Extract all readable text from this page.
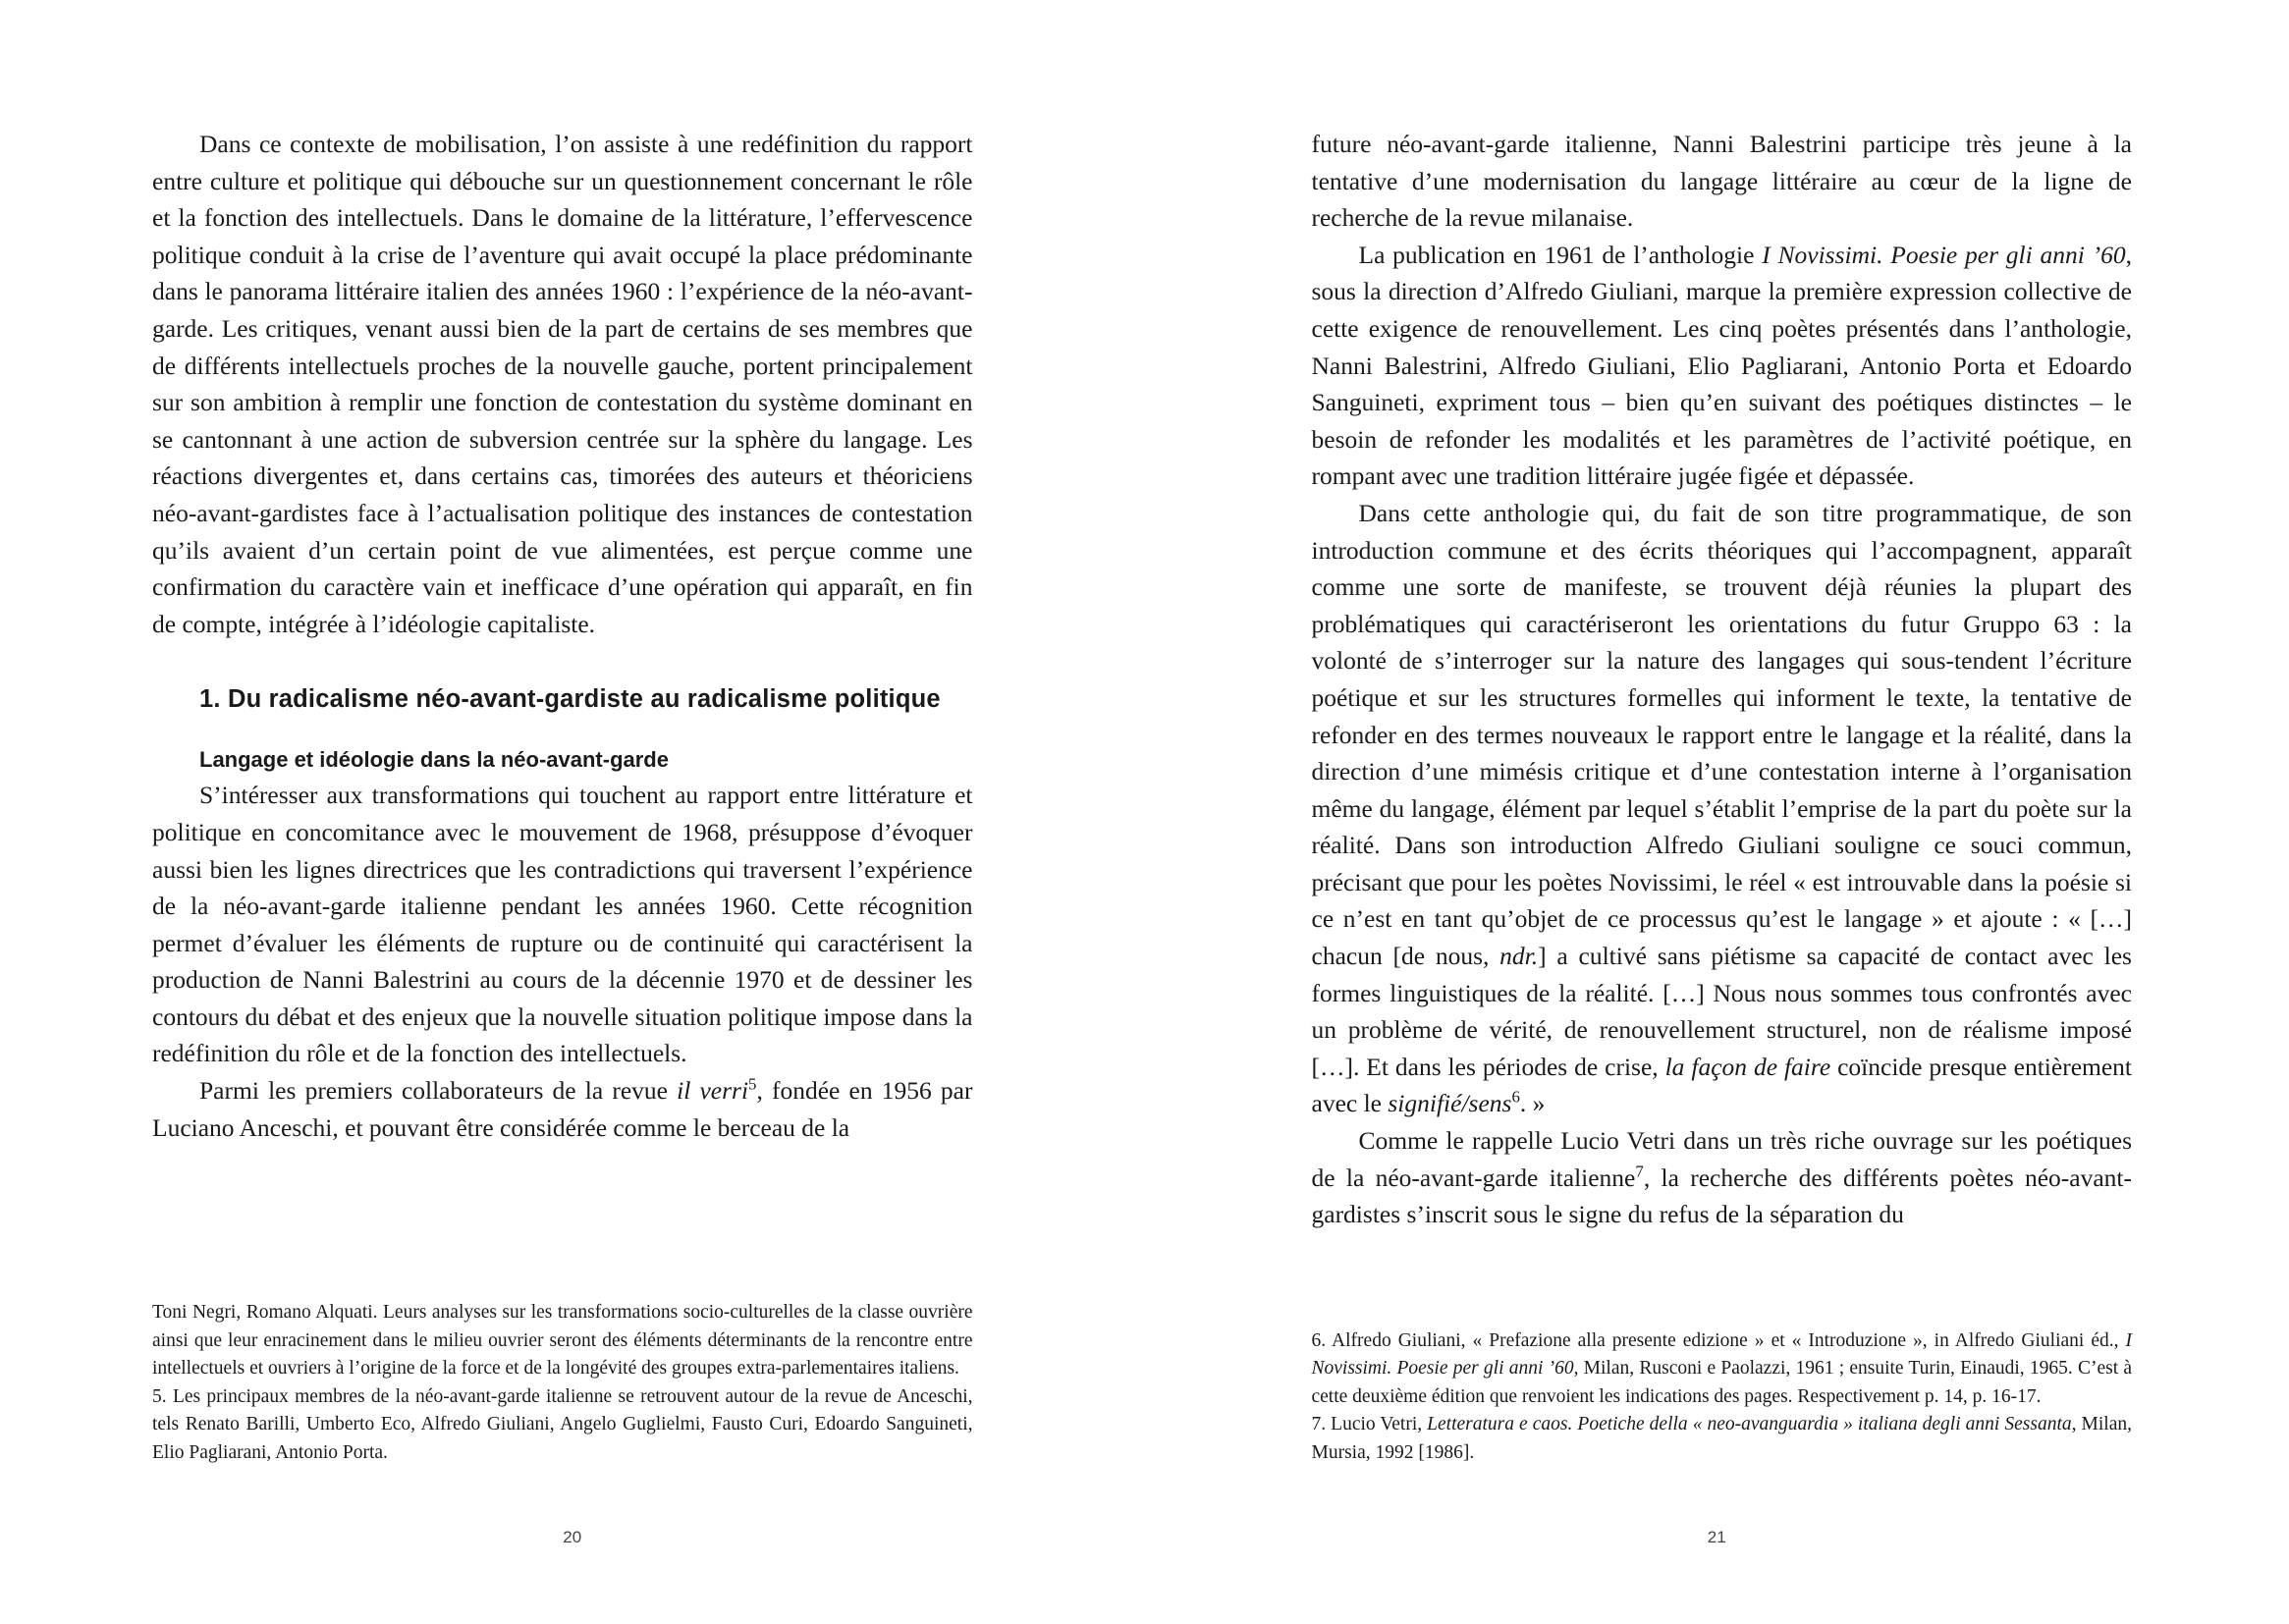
Dans ce contexte de mobilisation, l’on assiste à une redéfinition du rapport entre culture et politique qui débouche sur un questionnement concernant le rôle et la fonction des intellectuels. Dans le domaine de la littérature, l’effervescence politique conduit à la crise de l’aventure qui avait occupé la place prédominante dans le panorama littéraire italien des années 1960 : l’expérience de la néo-avant-garde. Les critiques, venant aussi bien de la part de certains de ses membres que de différents intellectuels proches de la nouvelle gauche, portent principalement sur son ambition à remplir une fonction de contestation du système dominant en se cantonnant à une action de subversion centrée sur la sphère du langage. Les réactions divergentes et, dans certains cas, timorées des auteurs et théoriciens néo-avant-gardistes face à l’actualisation politique des instances de contestation qu’ils avaient d’un certain point de vue alimentées, est perçue comme une confirmation du caractère vain et inefficace d’une opération qui apparaît, en fin de compte, intégrée à l’idéologie capitaliste.

1. Du radicalisme néo-avant-gardiste au radicalisme politique
Langage et idéologie dans la néo-avant-garde

S’intéresser aux transformations qui touchent au rapport entre littérature et politique en concomitance avec le mouvement de 1968, présuppose d’évoquer aussi bien les lignes directrices que les contradictions qui traversent l’expérience de la néo-avant-garde italienne pendant les années 1960. Cette récognition permet d’évaluer les éléments de rupture ou de continuité qui caractérisent la production de Nanni Balestrini au cours de la décennie 1970 et de dessiner les contours du débat et des enjeux que la nouvelle situation politique impose dans la redéfinition du rôle et de la fonction des intellectuels.

Parmi les premiers collaborateurs de la revue il verri$^5$, fondée en 1956 par Luciano Anceschi, et pouvant être considérée comme le berceau de la

Toni Negri, Romano Alquati. Leurs analyses sur les transformations socio-culturelles de la classe ouvrière ainsi que leur enracinement dans le milieu ouvrier seront des éléments déterminants de la rencontre entre intellectuels et ouvriers à l’origine de la force et de la longévité des groupes extra-parlementaires italiens.

5. Les principaux membres de la néo-avant-garde italienne se retrouvent autour de la revue de Anceschi, tels Renato Barilli, Umberto Eco, Alfredo Giuliani, Angelo Guglielmi, Fausto Curi, Edoardo Sanguineti, Elio Pagliarani, Antonio Porta.

20

future néo-avant-garde italienne, Nanni Balestrini participe très jeune à la tentative d’une modernisation du langage littéraire au cœur de la ligne de recherche de la revue milanaise.

La publication en 1961 de l’anthologie I Novissimi. Poesie per gli anni ’60, sous la direction d’Alfredo Giuliani, marque la première expression collective de cette exigence de renouvellement. Les cinq poètes présentés dans l’anthologie, Nanni Balestrini, Alfredo Giuliani, Elio Pagliarani, Antonio Porta et Edoardo Sanguineti, expriment tous – bien qu’en suivant des poétiques distinctes – le besoin de refonder les modalités et les paramètres de l’activité poétique, en rompant avec une tradition littéraire jugée figée et dépassée.

Dans cette anthologie qui, du fait de son titre programmatique, de son introduction commune et des écrits théoriques qui l’accompagnent, apparaît comme une sorte de manifeste, se trouvent déjà réunies la plupart des problématiques qui caractériseront les orientations du futur Gruppo 63 : la volonté de s’interroger sur la nature des langages qui sous-tendent l’écriture poétique et sur les structures formelles qui informent le texte, la tentative de refonder en des termes nouveaux le rapport entre le langage et la réalité, dans la direction d’une mimésis critique et d’une contestation interne à l’organisation même du langage, élément par lequel s’établit l’emprise de la part du poète sur la réalité. Dans son introduction Alfredo Giuliani souligne ce souci commun, précisant que pour les poètes Novissimi, le réel « est introuvable dans la poésie si ce n’est en tant qu’objet de ce processus qu’est le langage » et ajoute : « […] chacun [de nous, ndr.] a cultivé sans piétisme sa capacité de contact avec les formes linguistiques de la réalité. […] Nous nous sommes tous confrontés avec un problème de vérité, de renouvellement structurel, non de réalisme imposé […]. Et dans les périodes de crise, la façon de faire coïncide presque entièrement avec le signifié/sens$^6$. »

Comme le rappelle Lucio Vetri dans un très riche ouvrage sur les poétiques de la néo-avant-garde italienne$^7$, la recherche des différents poètes néo-avant-gardistes s’inscrit sous le signe du refus de la séparation du

6. Alfredo Giuliani, « Prefazione alla presente edizione » et « Introduzione », in Alfredo Giuliani éd., I Novissimi. Poesie per gli anni ’60, Milan, Rusconi e Paolazzi, 1961 ; ensuite Turin, Einaudi, 1965. C’est à cette deuxième édition que renvoient les indications des pages. Respectivement p. 14, p. 16-17.

7. Lucio Vetri, Letteratura e caos. Poetiche della « neo-avanguardia » italiana degli anni Sessanta, Milan, Mursia, 1992 [1986].

21
